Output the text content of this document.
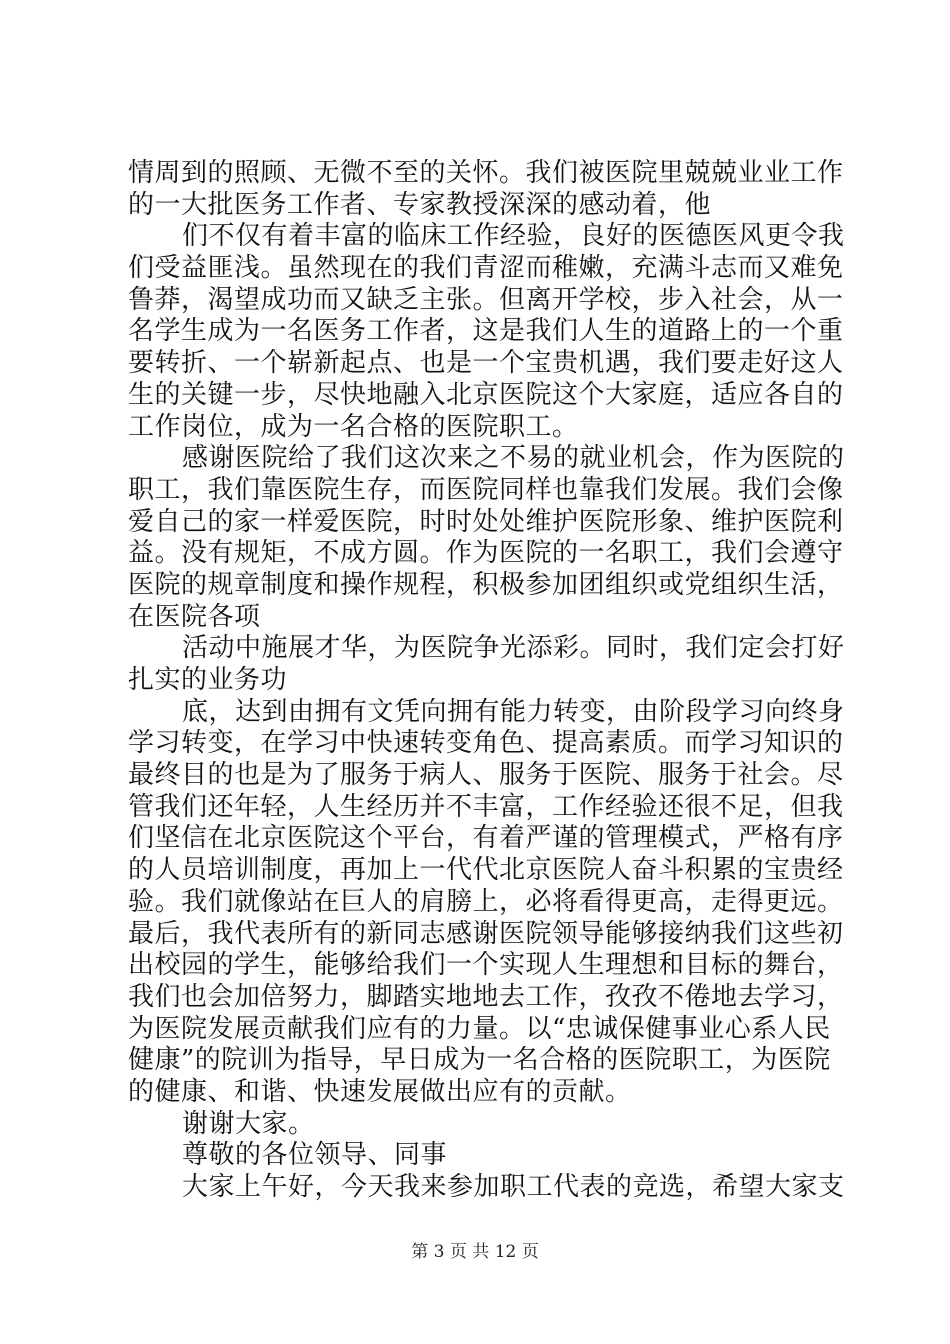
情周到的照顾、无微不至的关怀。我们被医院里兢兢业业工作
的一大批医务工作者、专家教授深深的感动着，他
们不仅有着丰富的临床工作经验，良好的医德医风更令我
们受益匪浅。虽然现在的我们青涩而稚嫩，充满斗志而又难免
鲁莽，渴望成功而又缺乏主张。但离开学校，步入社会，从一
名学生成为一名医务工作者，这是我们人生的道路上的一个重
要转折、一个崭新起点、也是一个宝贵机遇，我们要走好这人
生的关键一步，尽快地融入北京医院这个大家庭，适应各自的
工作岗位，成为一名合格的医院职工。
感谢医院给了我们这次来之不易的就业机会，作为医院的
职工，我们靠医院生存，而医院同样也靠我们发展。我们会像
爱自己的家一样爱医院，时时处处维护医院形象、维护医院利
益。没有规矩，不成方圆。作为医院的一名职工，我们会遵守
医院的规章制度和操作规程，积极参加团组织或党组织生活，
在医院各项
活动中施展才华，为医院争光添彩。同时，我们定会打好
扎实的业务功
底，达到由拥有文凭向拥有能力转变，由阶段学习向终身
学习转变，在学习中快速转变角色、提高素质。而学习知识的
最终目的也是为了服务于病人、服务于医院、服务于社会。尽
管我们还年轻，人生经历并不丰富，工作经验还很不足，但我
们坚信在北京医院这个平台，有着严谨的管理模式，严格有序
的人员培训制度，再加上一代代北京医院人奋斗积累的宝贵经
验。我们就像站在巨人的肩膀上，必将看得更高，走得更远。
最后，我代表所有的新同志感谢医院领导能够接纳我们这些初
出校园的学生，能够给我们一个实现人生理想和目标的舞台，
我们也会加倍努力，脚踏实地地去工作，孜孜不倦地去学习，
为医院发展贡献我们应有的力量。以“忠诚保健事业心系人民
健康”的院训为指导，早日成为一名合格的医院职工，为医院
的健康、和谐、快速发展做出应有的贡献。
谢谢大家。
尊敬的各位领导、同事
大家上午好，今天我来参加职工代表的竞选，希望大家支
第 3 页 共 12 页
